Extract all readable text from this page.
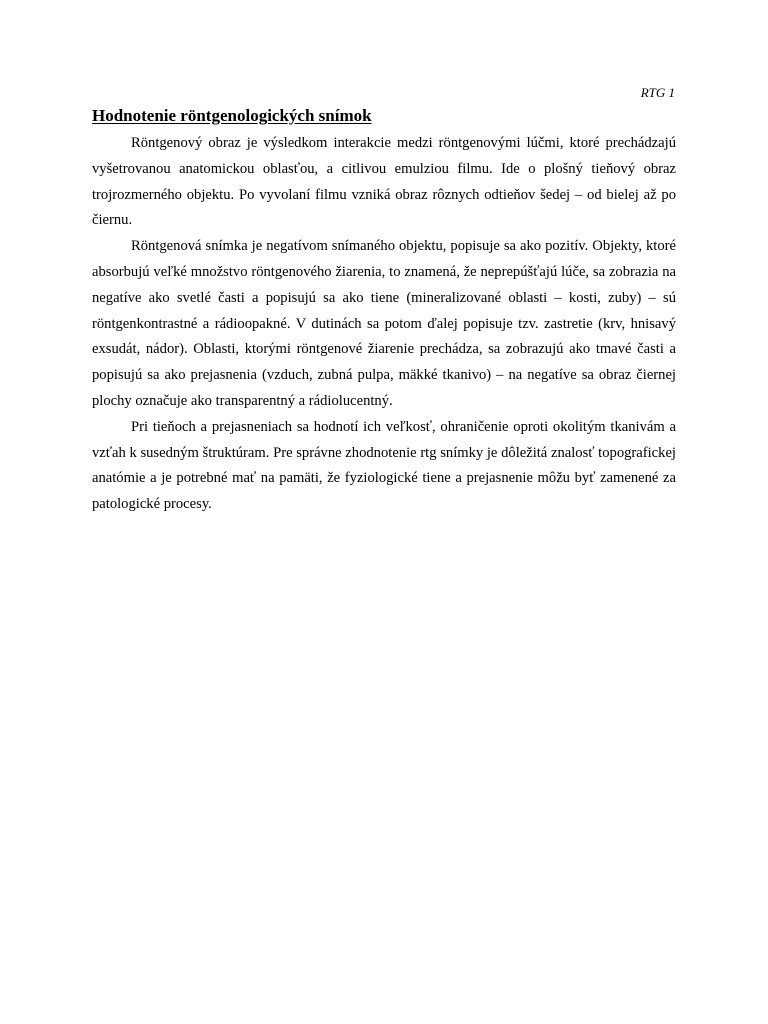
RTG 1
Hodnotenie röntgenologických snímok

Röntgenový obraz je výsledkom interakcie medzi röntgenovými lúčmi, ktoré prechádzajú vyšetrovanou anatomickou oblasťou, a citlivou emulziou filmu. Ide o plošný tieňový obraz trojrozmerného objektu. Po vyvolaní filmu vzniká obraz rôznych odtieňov šedej – od bielej až po čiernu.

Röntgenová snímka je negatívom snímaného objektu, popisuje sa ako pozitív. Objekty, ktoré absorbujú veľké množstvo röntgenového žiarenia, to znamená, že neprepúšťajú lúče, sa zobrazia na negatíve ako svetlé časti a popisujú sa ako tiene (mineralizované oblasti – kosti, zuby) – sú röntgenkontrastné a rádioopakné. V dutinách sa potom ďalej popisuje tzv. zastretie (krv, hnisavý exsudát, nádor). Oblasti, ktorými röntgenové žiarenie prechádza, sa zobrazujú ako tmavé časti a popisujú sa ako prejasnenia (vzduch, zubná pulpa, mäkké tkanivo) – na negatíve sa obraz čiernej plochy označuje ako transparentný a rádiolucentný.

Pri tieňoch a prejasneniach sa hodnotí ich veľkosť, ohraničenie oproti okolitým tkanivám a vzťah k susedným štruktúram. Pre správne zhodnotenie rtg snímky je dôležitá znalosť topografickej anatómie a je potrebné mať na pamäti, že fyziologické tiene a prejasnenie môžu byť zamenené za patologické procesy.
